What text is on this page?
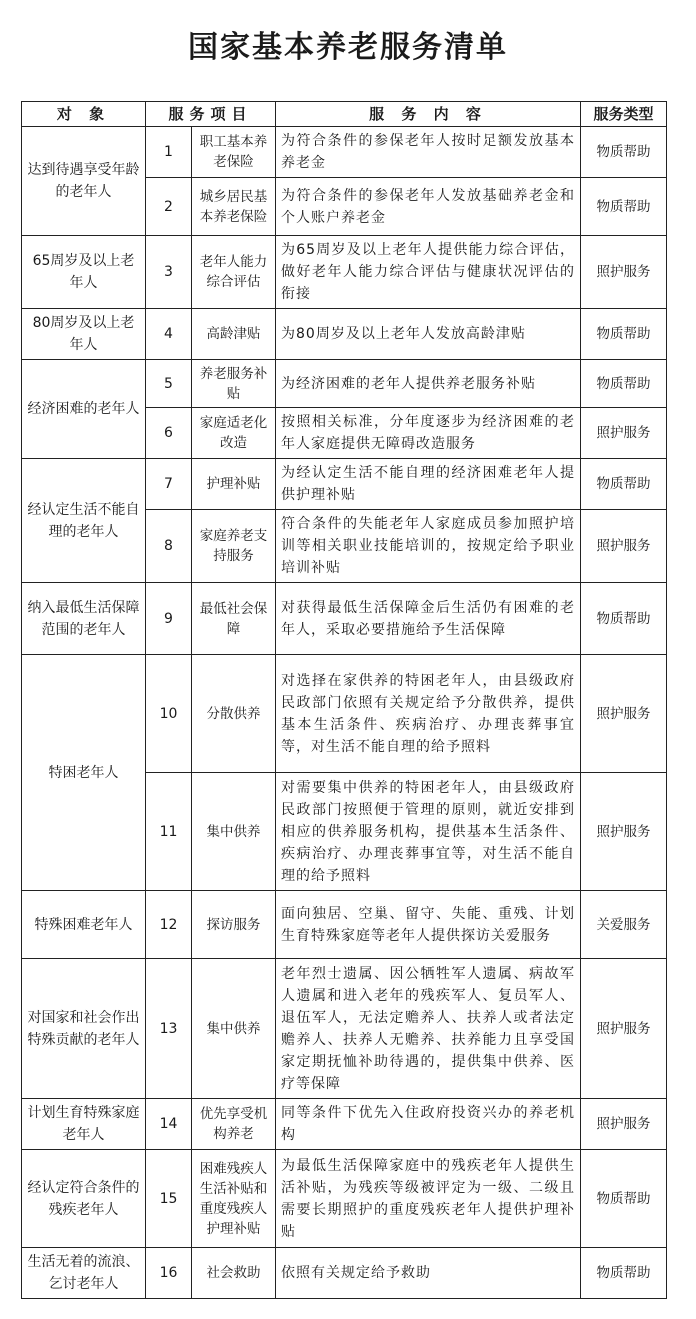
国家基本养老服务清单
对 象	服务项目		服 务 内 容	服务类型
达到待遇享受年龄的老年人	1	职工基本养老保险	为符合条件的参保老年人按时足额发放基本养老金	物质帮助
	2	城乡居民基本养老保险	为符合条件的参保老年人发放基础养老金和个人账户养老金	物质帮助
65周岁及以上老年人	3	老年人能力综合评估	为65周岁及以上老年人提供能力综合评估，做好老年人能力综合评估与健康状况评估的衔接	照护服务
80周岁及以上老年人	4	高龄津贴	为80周岁及以上老年人发放高龄津贴	物质帮助
经济困难的老年人	5	养老服务补贴	为经济困难的老年人提供养老服务补贴	物质帮助
	6	家庭适老化改造	按照相关标准，分年度逐步为经济困难的老年人家庭提供无障碍改造服务	照护服务
经认定生活不能自理的老年人	7	护理补贴	为经认定生活不能自理的经济困难老年人提供护理补贴	物质帮助
	8	家庭养老支持服务	符合条件的失能老年人家庭成员参加照护培训等相关职业技能培训的，按规定给予职业培训补贴	照护服务
纳入最低生活保障范围的老年人	9	最低社会保障	对获得最低生活保障金后生活仍有困难的老年人，采取必要措施给予生活保障	物质帮助
特困老年人	10	分散供养	对选择在家供养的特困老年人，由县级政府民政部门依照有关规定给予分散供养，提供基本生活条件、疾病治疗、办理丧葬事宜等，对生活不能自理的给予照料	照护服务
	11	集中供养	对需要集中供养的特困老年人，由县级政府民政部门按照便于管理的原则，就近安排到相应的供养服务机构，提供基本生活条件、疾病治疗、办理丧葬事宜等，对生活不能自理的给予照料	照护服务
特殊困难老年人	12	探访服务	面向独居、空巢、留守、失能、重残、计划生育特殊家庭等老年人提供探访关爱服务	关爱服务
对国家和社会作出特殊贡献的老年人	13	集中供养	老年烈士遗属、因公牺牲军人遗属、病故军人遗属和进入老年的残疾军人、复员军人、退伍军人，无法定赡养人、扶养人或者法定赡养人、扶养人无赡养、扶养能力且享受国家定期抚恤补助待遇的，提供集中供养、医疗等保障	照护服务
计划生育特殊家庭老年人	14	优先享受机构养老	同等条件下优先入住政府投资兴办的养老机构	照护服务
经认定符合条件的残疾老年人	15	困难残疾人生活补贴和重度残疾人护理补贴	为最低生活保障家庭中的残疾老年人提供生活补贴，为残疾等级被评定为一级、二级且需要长期照护的重度残疾老年人提供护理补贴	物质帮助
生活无着的流浪、乞讨老年人	16	社会救助	依照有关规定给予救助	物质帮助
